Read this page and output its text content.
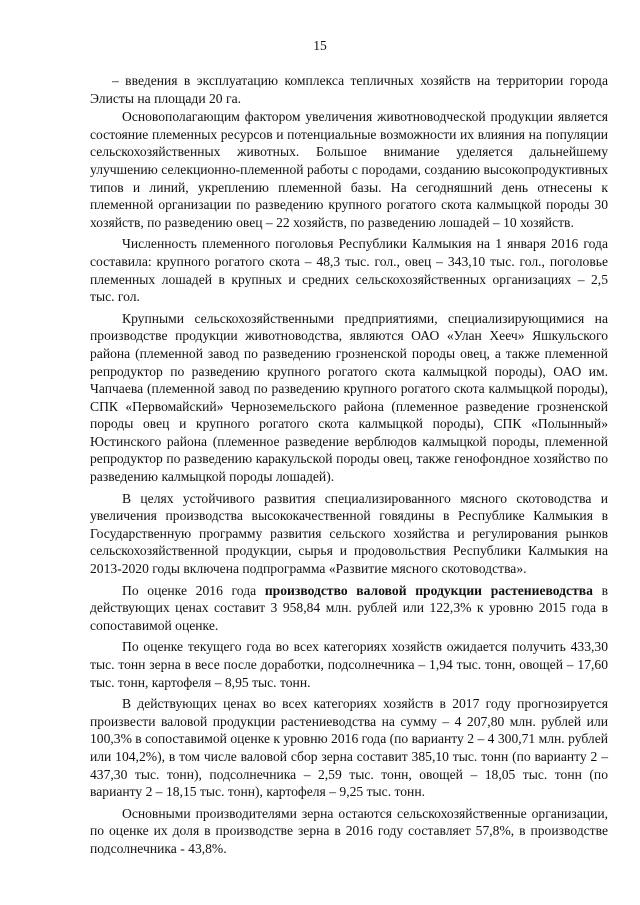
15

– введения в эксплуатацию комплекса тепличных хозяйств на территории города Элисты на площади 20 га.

Основополагающим фактором увеличения животноводческой продукции является состояние племенных ресурсов и потенциальные возможности их влияния на популяции сельскохозяйственных животных. Большое внимание уделяется дальнейшему улучшению селекционно-племенной работы с породами, созданию высокопродуктивных типов и линий, укреплению племенной базы. На сегодняшний день отнесены к племенной организации по разведению крупного рогатого скота калмыцкой породы 30 хозяйств, по разведению овец – 22 хозяйств, по разведению лошадей – 10 хозяйств.

Численность племенного поголовья Республики Калмыкия на 1 января 2016 года составила: крупного рогатого скота – 48,3 тыс. гол., овец – 343,10 тыс. гол., поголовье племенных лошадей в крупных и средних сельскохозяйственных организациях – 2,5 тыс. гол.

Крупными сельскохозяйственными предприятиями, специализирующимися на производстве продукции животноводства, являются ОАО «Улан Хееч» Яшкульского района (племенной завод по разведению грозненской породы овец, а также племенной репродуктор по разведению крупного рогатого скота калмыцкой породы), ОАО им. Чапчаева (племенной завод по разведению крупного рогатого скота калмыцкой породы), СПК «Первомайский» Черноземельского района (племенное разведение грозненской породы овец и крупного рогатого скота калмыцкой породы), СПК «Полынный» Юстинского района (племенное разведение верблюдов калмыцкой породы, племенной репродуктор по разведению каракульской породы овец, также генофондное хозяйство по разведению калмыцкой породы лошадей).

В целях устойчивого развития специализированного мясного скотоводства и увеличения производства высококачественной говядины в Республике Калмыкия в Государственную программу развития сельского хозяйства и регулирования рынков сельскохозяйственной продукции, сырья и продовольствия Республики Калмыкия на 2013-2020 годы включена подпрограмма «Развитие мясного скотоводства».

По оценке 2016 года производство валовой продукции растениеводства в действующих ценах составит 3 958,84 млн. рублей или 122,3% к уровню 2015 года в сопоставимой оценке.

По оценке текущего года во всех категориях хозяйств ожидается получить 433,30 тыс. тонн зерна в весе после доработки, подсолнечника – 1,94 тыс. тонн, овощей – 17,60 тыс. тонн, картофеля – 8,95 тыс. тонн.

В действующих ценах во всех категориях хозяйств в 2017 году прогнозируется произвести валовой продукции растениеводства на сумму – 4 207,80 млн. рублей или 100,3% в сопоставимой оценке к уровню 2016 года (по варианту 2 – 4 300,71 млн. рублей или 104,2%), в том числе валовой сбор зерна составит 385,10 тыс. тонн (по варианту 2 – 437,30 тыс. тонн), подсолнечника – 2,59 тыс. тонн, овощей – 18,05 тыс. тонн (по варианту 2 – 18,15 тыс. тонн), картофеля – 9,25 тыс. тонн.

Основными производителями зерна остаются сельскохозяйственные организации, по оценке их доля в производстве зерна в 2016 году составляет 57,8%, в производстве подсолнечника - 43,8%.
